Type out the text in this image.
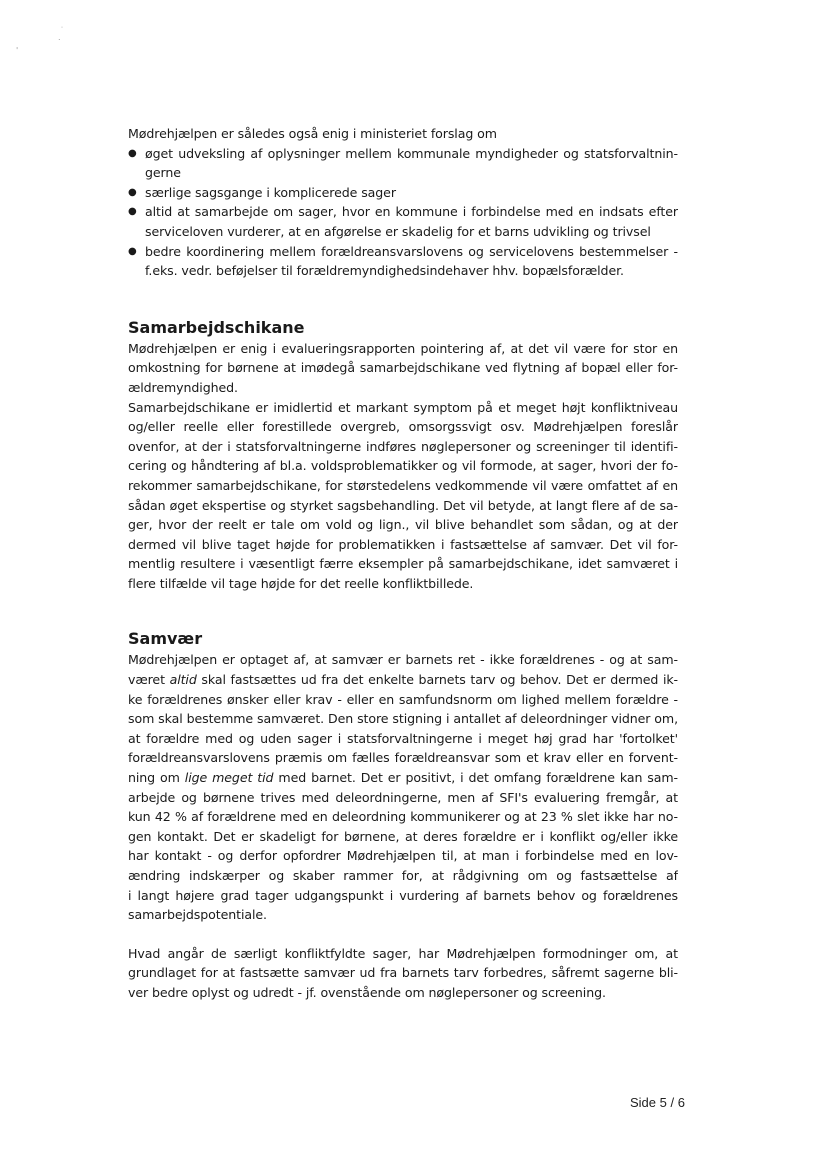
˙
.
'
Mødrehjælpen er således også enig i ministeriet forslag om
● øget udveksling af oplysninger mellem kommunale myndigheder og statsforvaltnin-
gerne
● særlige sagsgange i komplicerede sager
● altid at samarbejde om sager, hvor en kommune i forbindelse med en indsats efter
serviceloven vurderer, at en afgørelse er skadelig for et barns udvikling og trivsel
● bedre koordinering mellem forældreansvarslovens og servicelovens bestemmelser -
f.eks. vedr. beføjelser til forældremyndighedsindehaver hhv. bopælsforælder.
Samarbejdschikane
Mødrehjælpen er enig i evalueringsrapporten pointering af, at det vil være for stor en
omkostning for børnene at imødegå samarbejdschikane ved flytning af bopæl eller for-
ældremyndighed.
Samarbejdschikane er imidlertid et markant symptom på et meget højt konfliktniveau
og/eller reelle eller forestillede overgreb, omsorgssvigt osv. Mødrehjælpen foreslår
ovenfor, at der i statsforvaltningerne indføres nøglepersoner og screeninger til identifi-
cering og håndtering af bl.a. voldsproblematikker og vil formode, at sager, hvori der fo-
rekommer samarbejdschikane, for størstedelens vedkommende vil være omfattet af en
sådan øget ekspertise og styrket sagsbehandling. Det vil betyde, at langt flere af de sa-
ger, hvor der reelt er tale om vold og lign., vil blive behandlet som sådan, og at der
dermed vil blive taget højde for problematikken i fastsættelse af samvær. Det vil for-
mentlig resultere i væsentligt færre eksempler på samarbejdschikane, idet samværet i
flere tilfælde vil tage højde for det reelle konfliktbillede.
Samvær
Mødrehjælpen er optaget af, at samvær er barnets ret - ikke forældrenes - og at sam-
været altid skal fastsættes ud fra det enkelte barnets tarv og behov. Det er dermed ik-
ke forældrenes ønsker eller krav - eller en samfundsnorm om lighed mellem forældre -
som skal bestemme samværet. Den store stigning i antallet af deleordninger vidner om,
at forældre med og uden sager i statsforvaltningerne i meget høj grad har 'fortolket'
forældreansvarslovens præmis om fælles forældreansvar som et krav eller en forvent-
ning om lige meget tid med barnet. Det er positivt, i det omfang forældrene kan sam-
arbejde og børnene trives med deleordningerne, men af SFI's evaluering fremgår, at
kun 42 % af forældrene med en deleordning kommunikerer og at 23 % slet ikke har no-
gen kontakt. Det er skadeligt for børnene, at deres forældre er i konflikt og/eller ikke
har kontakt - og derfor opfordrer Mødrehjælpen til, at man i forbindelse med en lov-
ændring indskærper og skaber rammer for, at rådgivning om og fastsættelse af
i langt højere grad tager udgangspunkt i vurdering af barnets behov og forældrenes
samarbejdspotentiale.
Hvad angår de særligt konfliktfyldte sager, har Mødrehjælpen formodninger om, at
grundlaget for at fastsætte samvær ud fra barnets tarv forbedres, såfremt sagerne bli-
ver bedre oplyst og udredt - jf. ovenstående om nøglepersoner og screening.
Side 5 / 6
